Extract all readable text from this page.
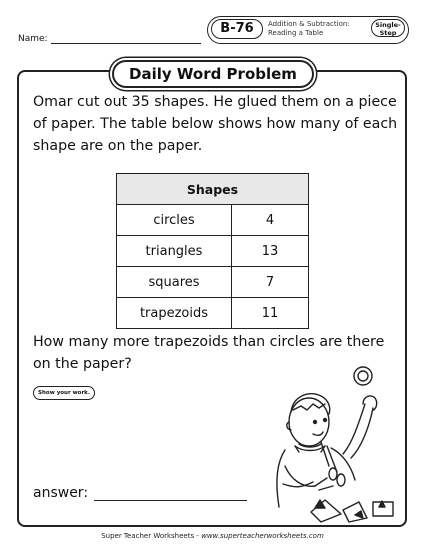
Name:
B-76	Addition & Subtraction:
Reading a Table
Single-
Step
Daily Word Problem
Omar cut out 35 shapes. He glued them on a piece of paper. The table below shows how many of each shape are on the paper.
Shapes	
circles	4
triangles	13
squares	7
trapezoids	11
How many more trapezoids than circles are there on the paper?
Show your work.
answer:
Super Teacher Worksheets - www.superteacherworksheets.com
